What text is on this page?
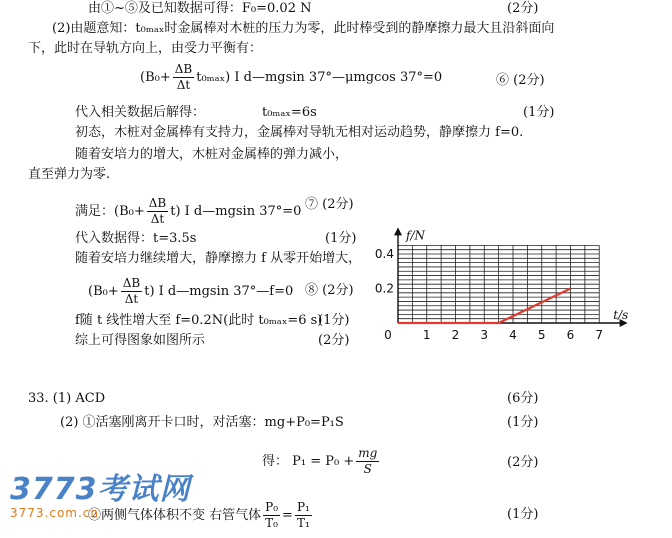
由①~⑤及已知数据可得：F₀=0.02 N	(2分)
(2)由题意知：t₀ₘₐₓ时金属棒对木桩的压力为零，此时棒受到的静摩擦力最大且沿斜面向
下，此时在导轨方向上，由受力平衡有：
$(B_0+ \frac{\Delta B}{\Delta t} t_{0max})$ I d—mgsin 37°—μmgcos 37°=0	⑥ (2分)
代入相关数据后解得：	t₀ₘₐₓ=6s	(1分)
初态，木桩对金属棒有支持力，金属棒对导轨无相对运动趋势，静摩擦力 f=0.
随着安培力的增大，木桩对金属棒的弹力减小，
直至弹力为零.
满足：$(B_0+ \frac{\Delta B}{\Delta t} t)$ I d—mgsin 37°=0 ⑦ (2分)
代入数据得：t=3.5s	(1分)
随着安培力继续增大，静摩擦力 f 从零开始增大，
$(B_0+ \frac{\Delta B}{\Delta t} t)$ I d—mgsin 37°—f=0 ⑧ (2分)
f随 t 线性增大至 f=0.2N(此时 t₀ₘₐₓ=6 s)
(1分)
综上可得图象如图所示	(2分)
33. (1) ACD	(6分)
(2) ①活塞刚离开卡口时，对活塞：mg+P₀=P₁S	(1分)
得： $P_1 = P_0 + \frac{mg}{S}$	(2分)
②两侧气体体积不变 右管气体 $\frac{\text{P₀}}{\text{T₀}} = \frac{\text{P₁}}{\text{T₁}}$	(1分)
f/N
t/s
0	1 2 3 4 5 6 7
0.2
0.4
3773考试网
3773.com.cn
